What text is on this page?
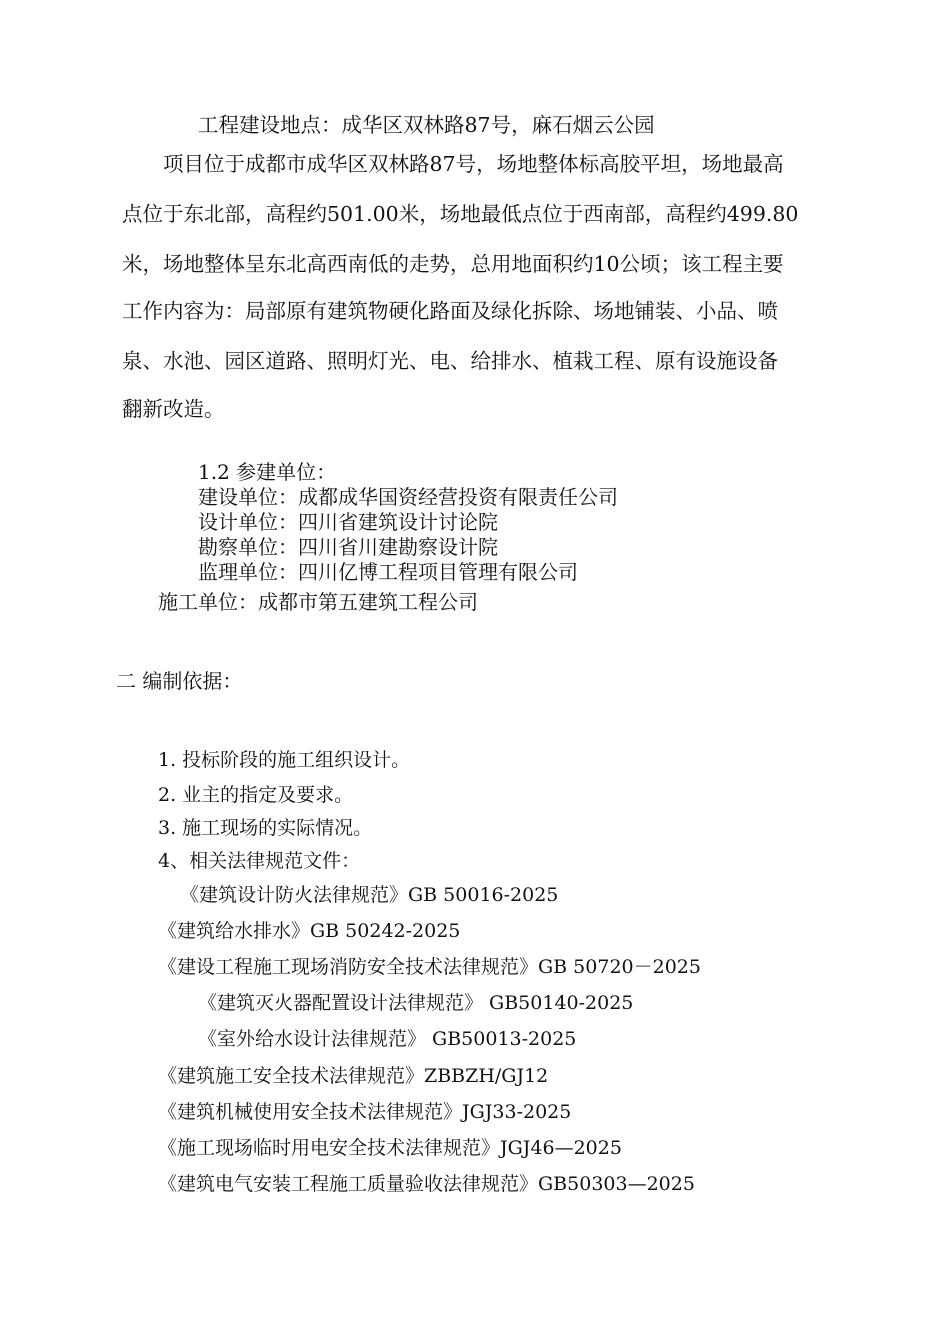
工程建设地点：成华区双林路87号，麻石烟云公园
项目位于成都市成华区双林路87号，场地整体标高胶平坦，场地最高
点位于东北部，高程约501.00米，场地最低点位于西南部，高程约499.80
米，场地整体呈东北高西南低的走势，总用地面积约10公顷；该工程主要
工作内容为：局部原有建筑物硬化路面及绿化拆除、场地铺装、小品、喷
泉、水池、园区道路、照明灯光、电、给排水、植栽工程、原有设施设备
翻新改造。
1.2 参建单位：
建设单位：成都成华国资经营投资有限责任公司
设计单位：四川省建筑设计讨论院
勘察单位：四川省川建勘察设计院
监理单位：四川亿博工程项目管理有限公司
施工单位：成都市第五建筑工程公司
二 编制依据：
1. 投标阶段的施工组织设计。
2. 业主的指定及要求。
3. 施工现场的实际情况。
4、相关法律规范文件：
《建筑设计防火法律规范》GB 50016-2025
《建筑给水排水》GB 50242-2025
《建设工程施工现场消防安全技术法律规范》GB 50720－2025
《建筑灭火器配置设计法律规范》 GB50140-2025
《室外给水设计法律规范》 GB50013-2025
《建筑施工安全技术法律规范》ZBBZH/GJ12
《建筑机械使用安全技术法律规范》JGJ33-2025
《施工现场临时用电安全技术法律规范》JGJ46—2025
《建筑电气安装工程施工质量验收法律规范》GB50303—2025
